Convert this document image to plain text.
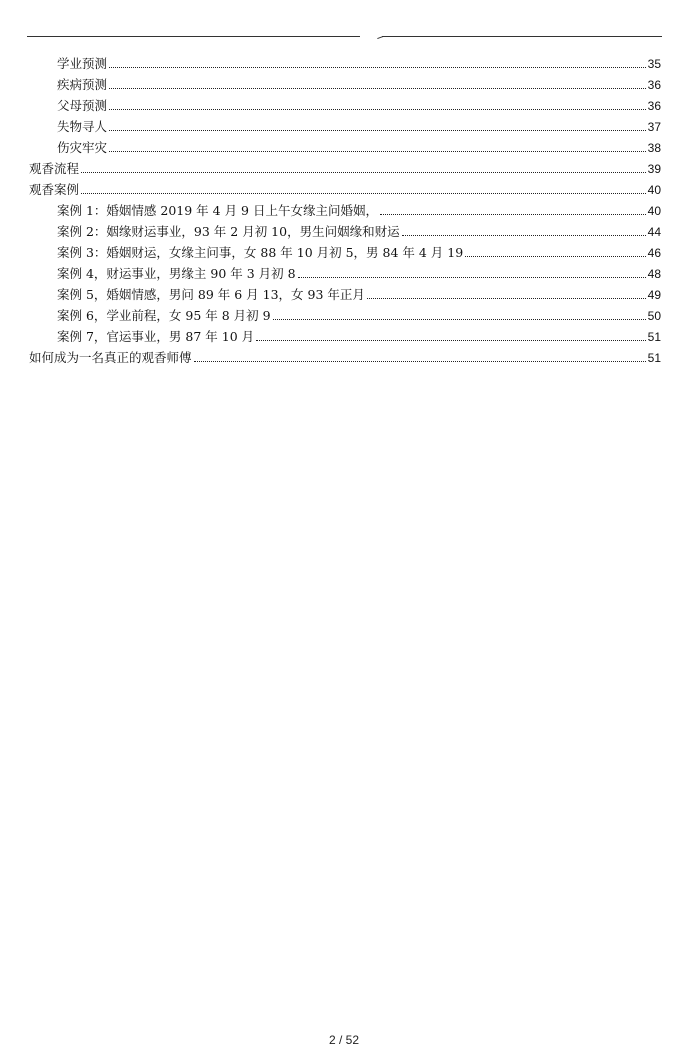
学业预测	35
疾病预测	36
父母预测	36
失物寻人	37
伤灾牢灾	38
观香流程	39
观香案例	40
案例 1：婚姻情感 2019 年 4 月 9 日上午女缘主问婚姻，	40
案例 2：姻缘财运事业，93 年 2 月初 10，男生问姻缘和财运	44
案例 3：婚姻财运，女缘主问事，女 88 年 10 月初 5，男 84 年 4 月 19	46
案例 4，财运事业，男缘主 90 年 3 月初 8	48
案例 5，婚姻情感，男问 89 年 6 月 13，女 93 年正月	49
案例 6，学业前程，女 95 年 8 月初 9	50
案例 7，官运事业，男 87 年 10 月	51
如何成为一名真正的观香师傅	51
2 / 52
